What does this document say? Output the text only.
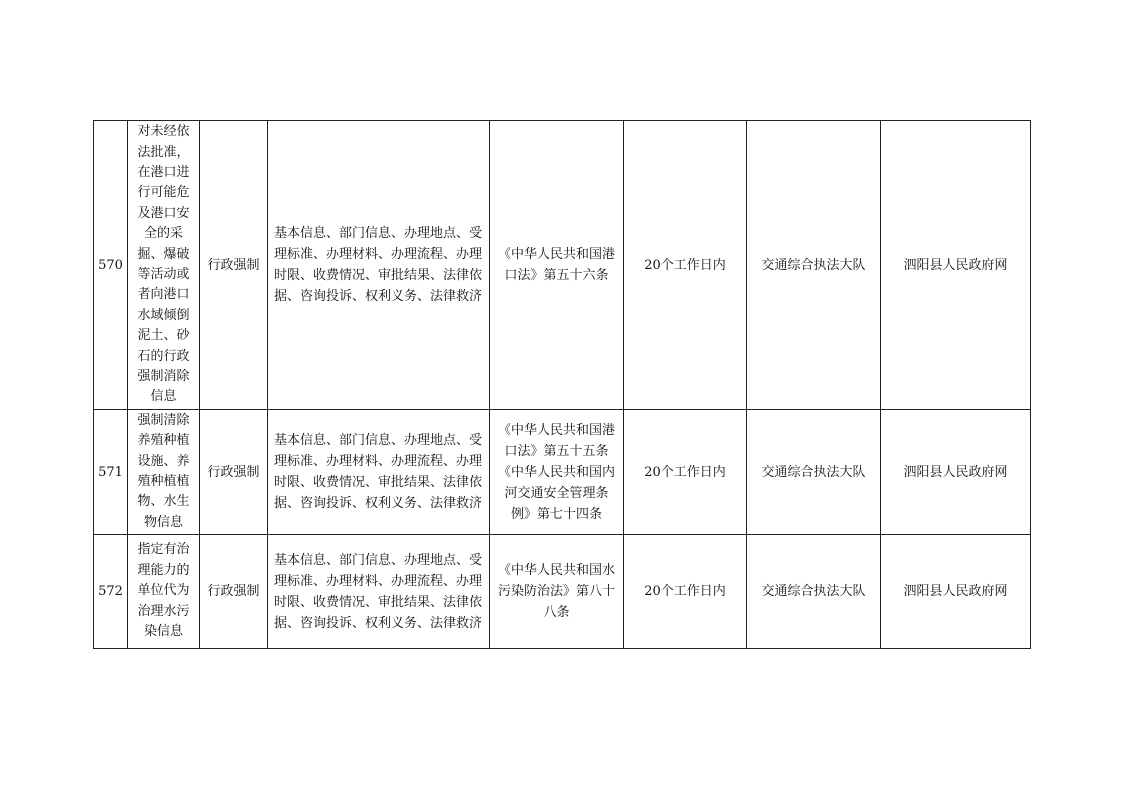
570	对未经依法批准，在港口进行可能危及港口安全的采掘、爆破等活动或者向港口水域倾倒泥土、砂石的行政强制消除信息	行政强制	基本信息、部门信息、办理地点、受理标准、办理材料、办理流程、办理时限、收费情况、审批结果、法律依据、咨询投诉、权利义务、法律救济	《中华人民共和国港口法》第五十六条	20个工作日内	交通综合执法大队	泗阳县人民政府网
571	强制清除养殖种植设施、养殖种植植物、水生物信息	行政强制	基本信息、部门信息、办理地点、受理标准、办理材料、办理流程、办理时限、收费情况、审批结果、法律依据、咨询投诉、权利义务、法律救济	《中华人民共和国港口法》第五十五条《中华人民共和国内河交通安全管理条例》第七十四条	20个工作日内	交通综合执法大队	泗阳县人民政府网
572	指定有治理能力的单位代为治理水污染信息	行政强制	基本信息、部门信息、办理地点、受理标准、办理材料、办理流程、办理时限、收费情况、审批结果、法律依据、咨询投诉、权利义务、法律救济	《中华人民共和国水污染防治法》第八十八条	20个工作日内	交通综合执法大队	泗阳县人民政府网
